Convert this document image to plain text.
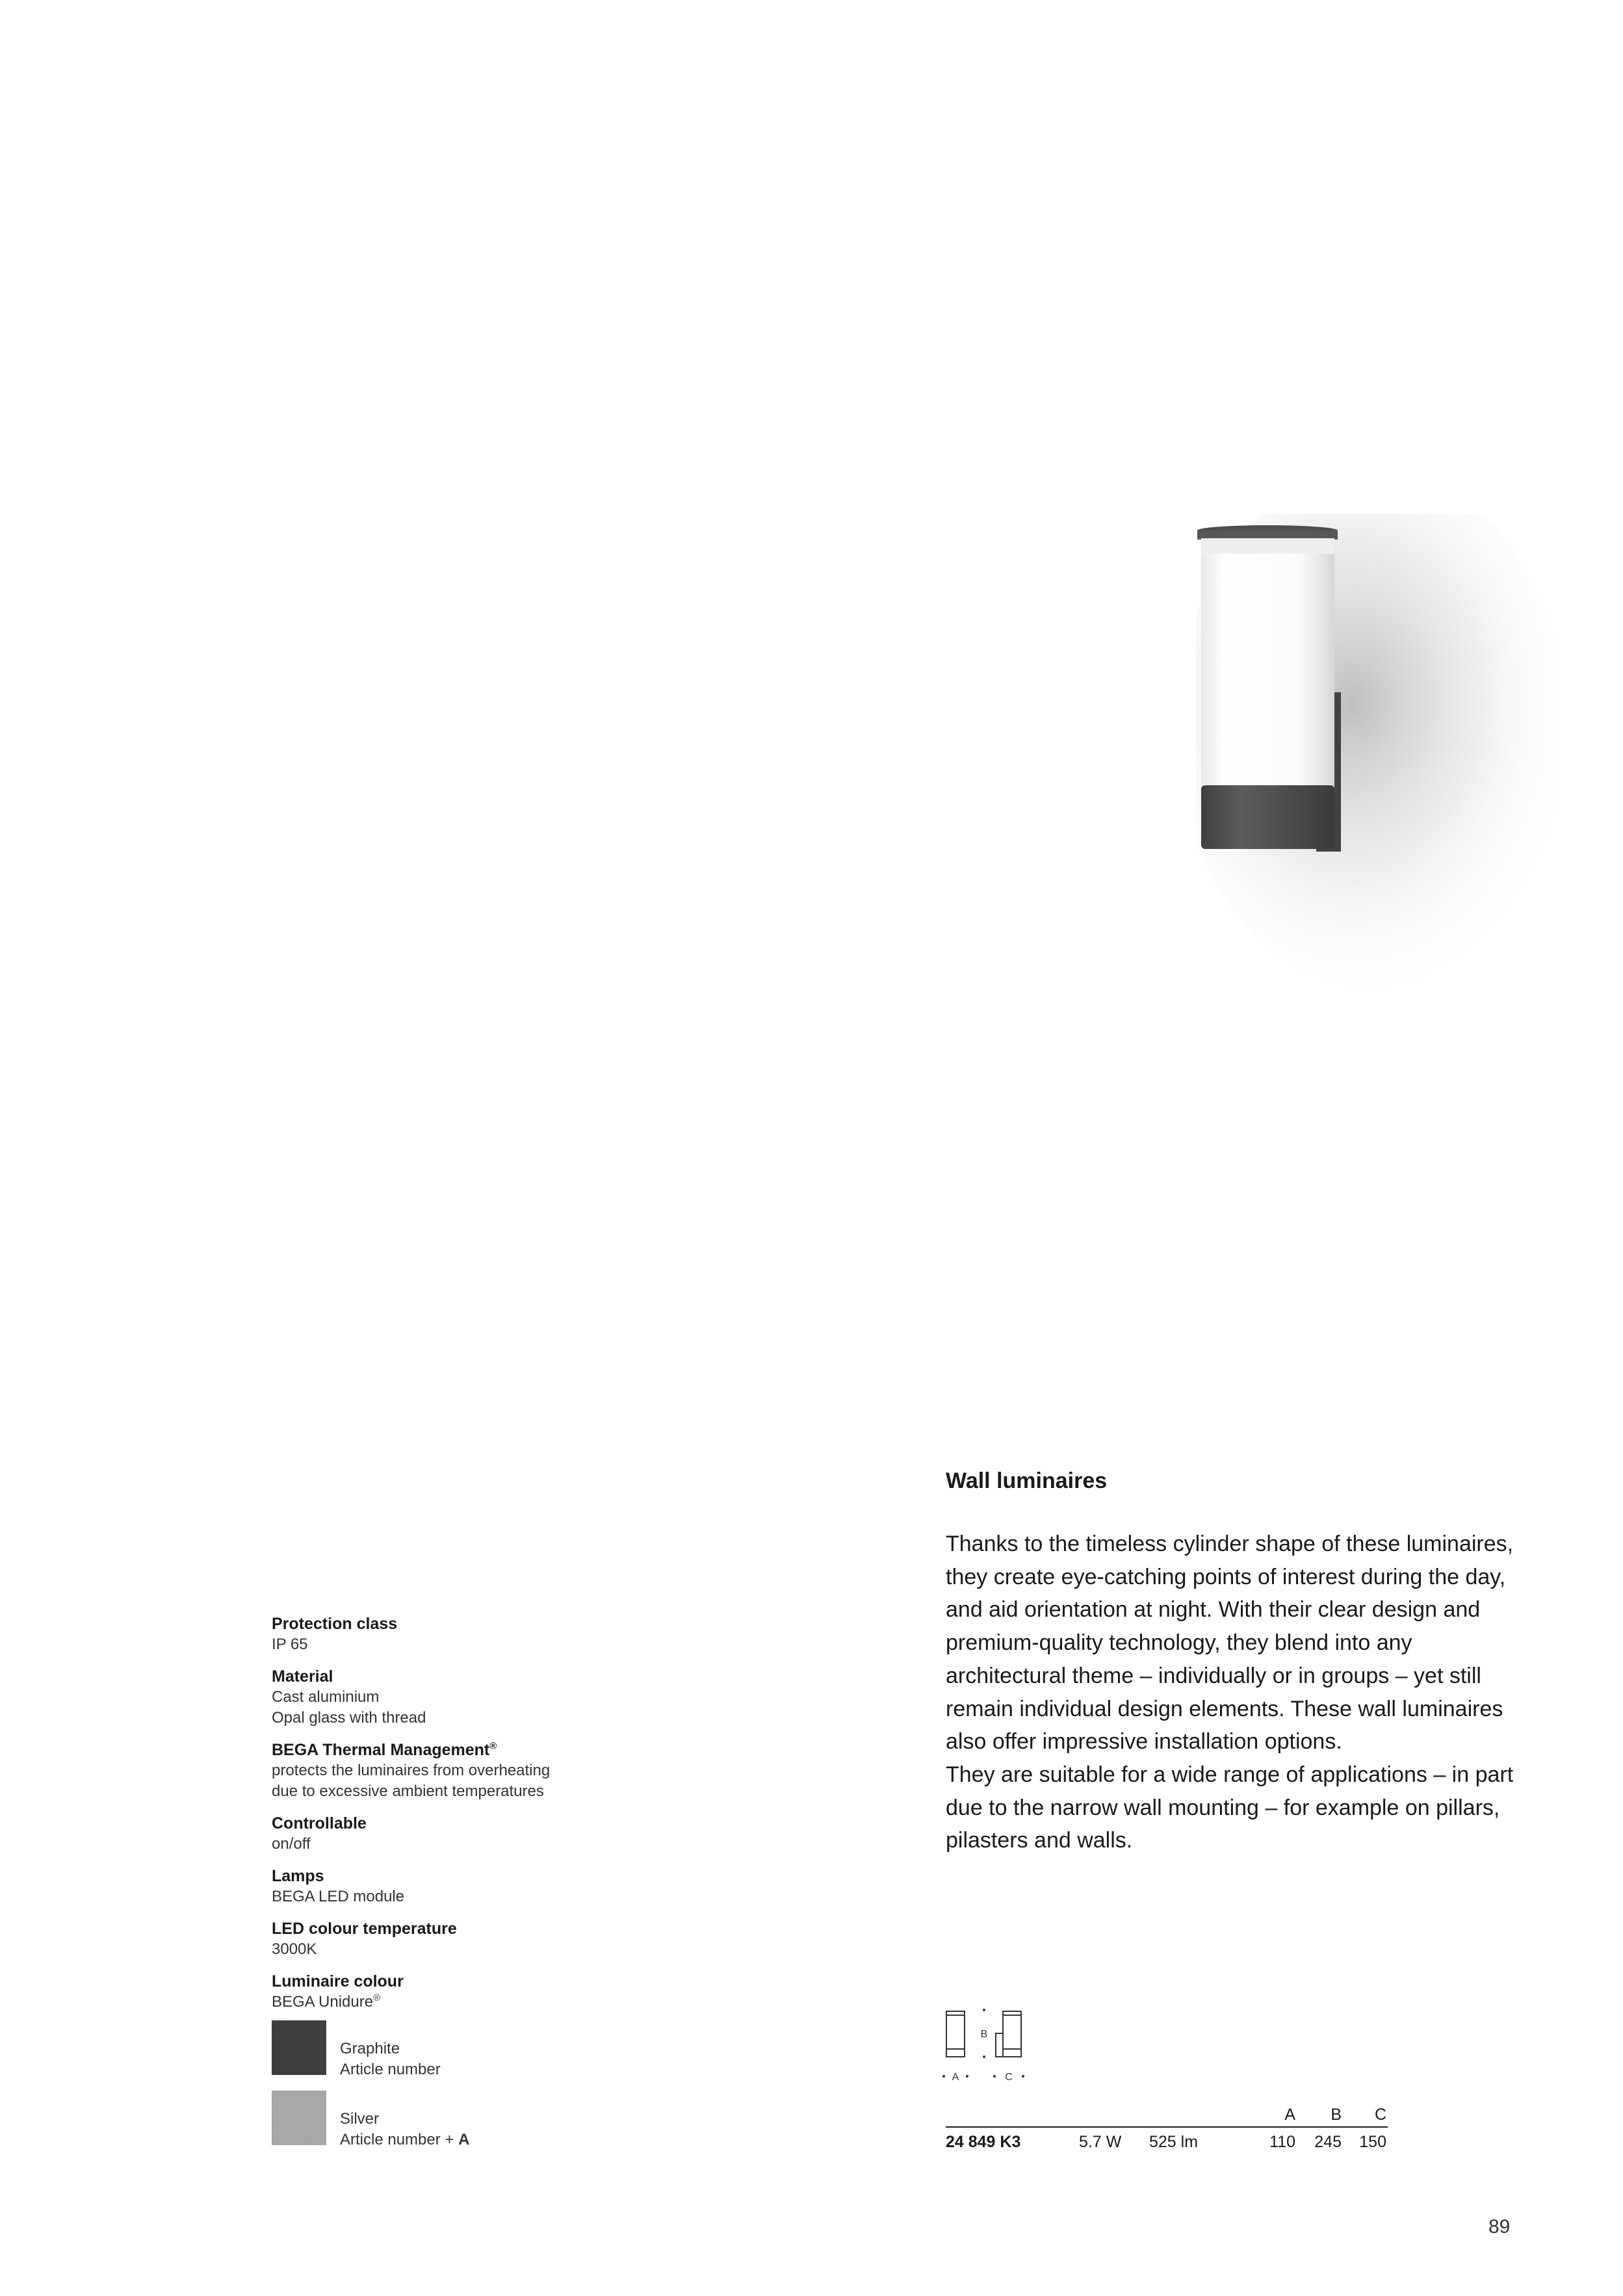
Protection class
IP 65
Material
Cast aluminium
Opal glass with thread
BEGA Thermal Management®
protects the luminaires from overheating
due to excessive ambient temperatures
Controllable
on/off
Lamps
BEGA LED module
LED colour temperature
3000K
Luminaire colour
BEGA Unidure®
Graphite
Article number
Silver
Article number + A
Wall luminaires

Thanks to the timeless cylinder shape of these luminaires, they create eye-catching points of interest during the day, and aid orientation at night. With their clear design and premium-quality technology, they blend into any architectural theme – individually or in groups – yet still remain individual design elements. These wall luminaires also offer impressive installation options.

They are suitable for a wide range of applications – in part due to the narrow wall mounting – for example on pillars, pilasters and walls.

B
A	C
A B C
24 849 K3	5.7 W 525 lm	110 245 150
89
